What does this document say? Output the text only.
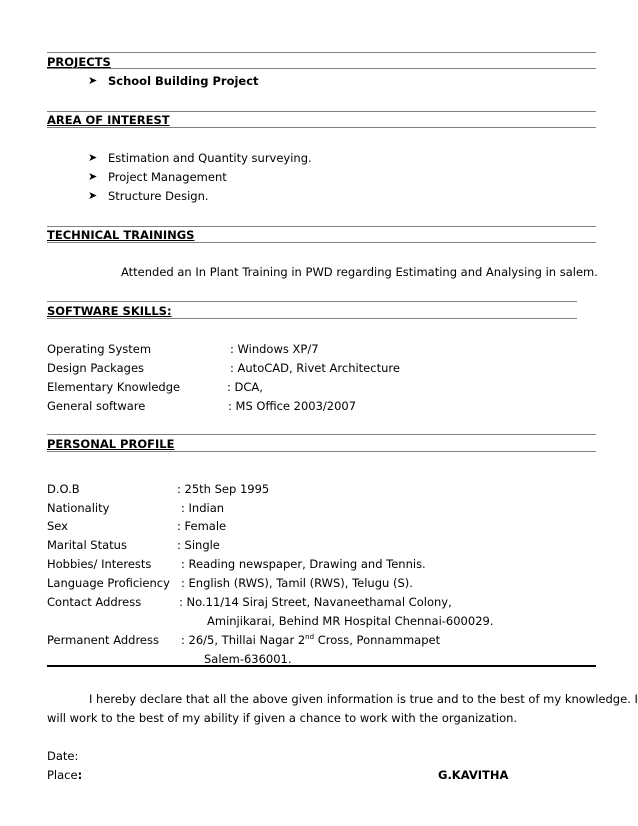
PROJECTS
➤ School Building Project
AREA OF INTEREST
➤ Estimation and Quantity surveying.
➤ Project Management
➤ Structure Design.
TECHNICAL TRAININGS
Attended an In Plant Training in PWD regarding Estimating and Analysing in salem.
SOFTWARE SKILLS:
Operating System	: Windows XP/7
Design Packages	: AutoCAD, Rivet Architecture
Elementary Knowledge	: DCA,
General software	: MS Office 2003/2007
PERSONAL PROFILE
D.O.B	: 25th Sep 1995
Nationality	: Indian
Sex	: Female
Marital Status	: Single
Hobbies/ Interests	: Reading newspaper, Drawing and Tennis.
Language Proficiency : English (RWS), Tamil (RWS), Telugu (S).
Contact Address	: No.11/14 Siraj Street, Navaneethamal Colony,
Aminjikarai, Behind MR Hospital Chennai-600029.
Permanent Address : 26/5, Thillai Nagar 2nd Cross, Ponnammapet
Salem-636001.
I hereby declare that all the above given information is true and to the best of my knowledge. I
will work to the best of my ability if given a chance to work with the organization.
Date:
Place:	G.KAVITHA
